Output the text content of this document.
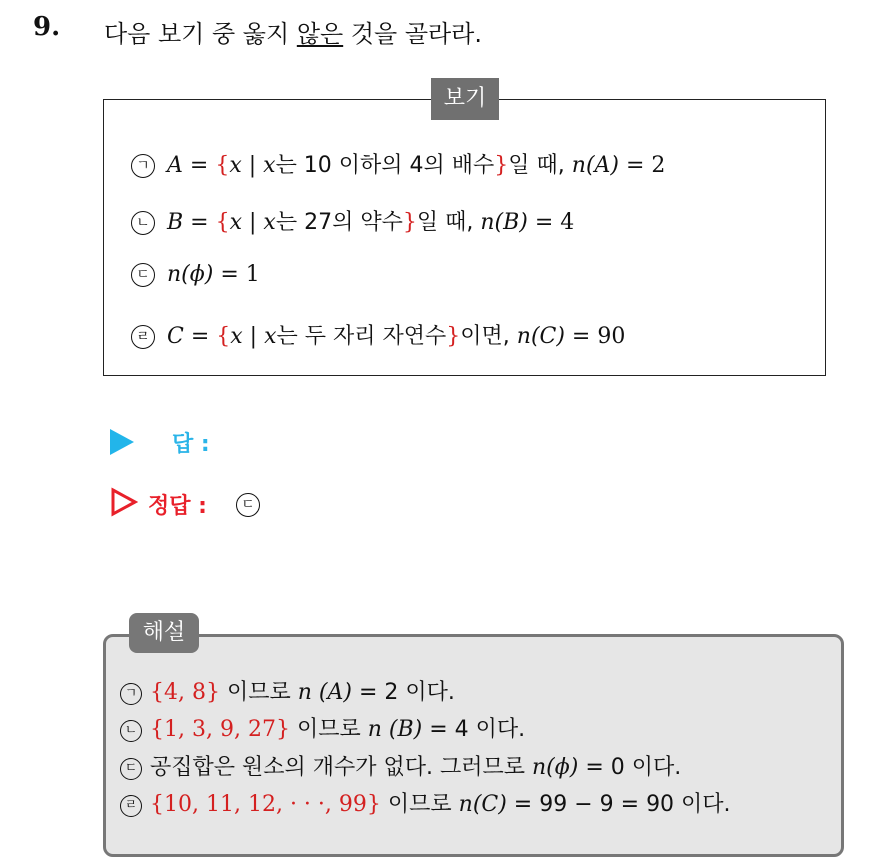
9. 다음 보기 중 옳지 않은 것을 골라라.
보기
ㄱ A = {x | x는 10 이하의 4의 배수}일 때, n(A) = 2
ㄴ B = {x | x는 27의 약수}일 때, n(B) = 4
ㄷ n(ϕ) = 1
ㄹ C = {x | x는 두 자리 자연수}이면, n(C) = 90
답 :
정답 :	ㄷ
해설
ㄱ {4, 8} 이므로 n (A) = 2 이다.
ㄴ {1, 3, 9, 27} 이므로 n (B) = 4 이다.
ㄷ 공집합은 원소의 개수가 없다. 그러므로 n(ϕ) = 0 이다.
ㄹ {10, 11, 12, · · ·, 99} 이므로 n(C) = 99 − 9 = 90 이다.
